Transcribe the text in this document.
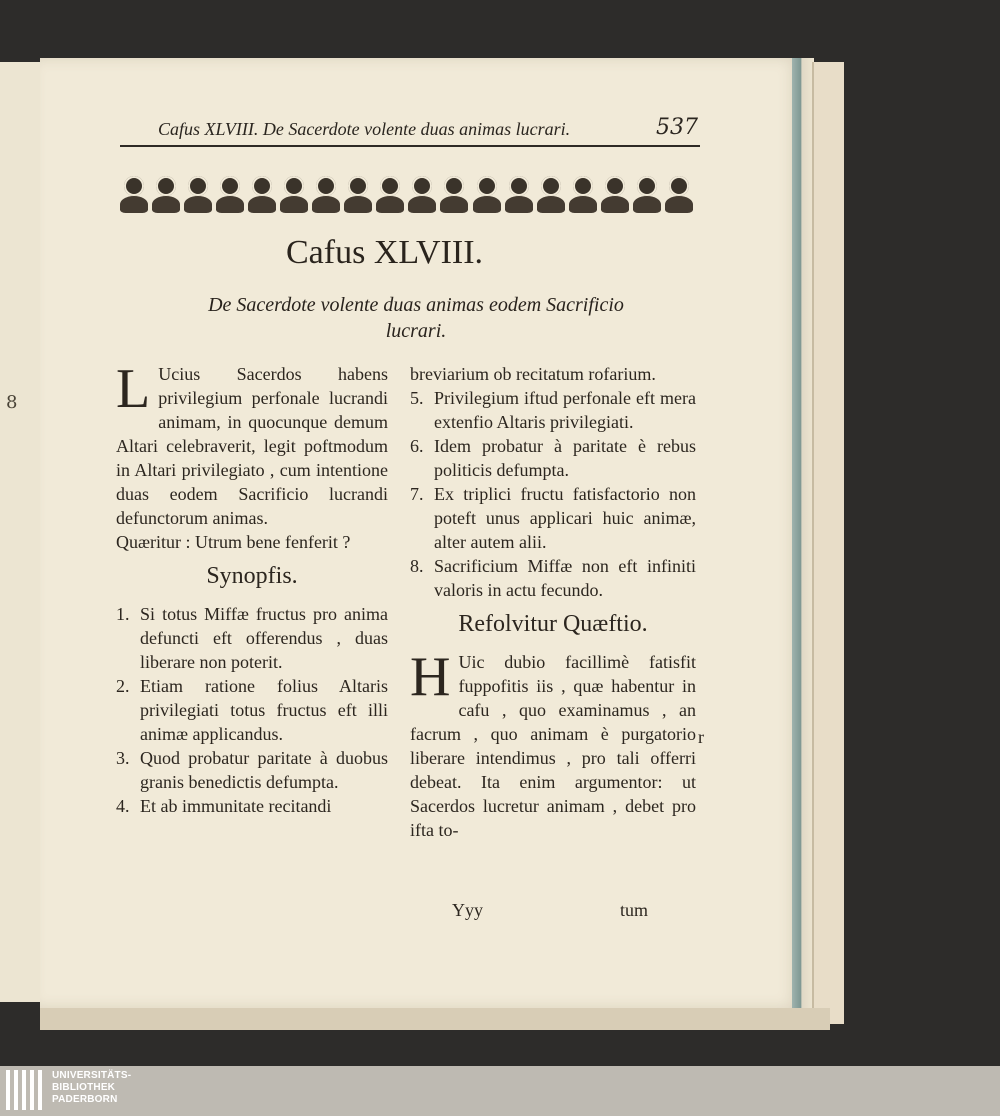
8
Cafus XLVIII. De Sacerdote volente duas animas lucrari.	537
Cafus XLVIII.
De Sacerdote volente duas animas eodem Sacrificio
lucrari.

L Ucius Sacerdos habens privilegium perfonale lucrandi animam, in quocunque demum Altari celebraverit, legit poftmodum in Altari privilegiato , cum intentione duas eodem Sacrificio lucrandi defunctorum animas.

Quæritur : Utrum bene fenferit ?

Synopfis.
1. Si totus Miffæ fructus pro anima defuncti eft offerendus , duas liberare non poterit.
2. Etiam ratione folius Altaris privilegiati totus fructus eft illi animæ applicandus.
3. Quod probatur paritate à duobus granis benedictis defumpta.
4. Et ab immunitate recitandi

breviarium ob recitatum rofarium.

5. Privilegium iftud perfonale eft mera extenfio Altaris privilegiati.
6. Idem probatur à paritate è rebus politicis defumpta.
7. Ex triplici fructu fatisfactorio non poteft unus applicari huic animæ, alter autem alii.
8. Sacrificium Miffæ non eft infiniti valoris in actu fecundo.
Refolvitur Quæftio.

H Uic dubio facillimè fatisfit fuppofitis iis , quæ habentur in cafu , quo examinamus , an facrum , quo animam è purgatorio liberare intendimus , pro tali offerri debeat. Ita enim argumentor: ut Sacerdos lucretur animam , debet pro ifta to-

r
Yyy	tum
UNIVERSITÄTS-
BIBLIOTHEK
PADERBORN
